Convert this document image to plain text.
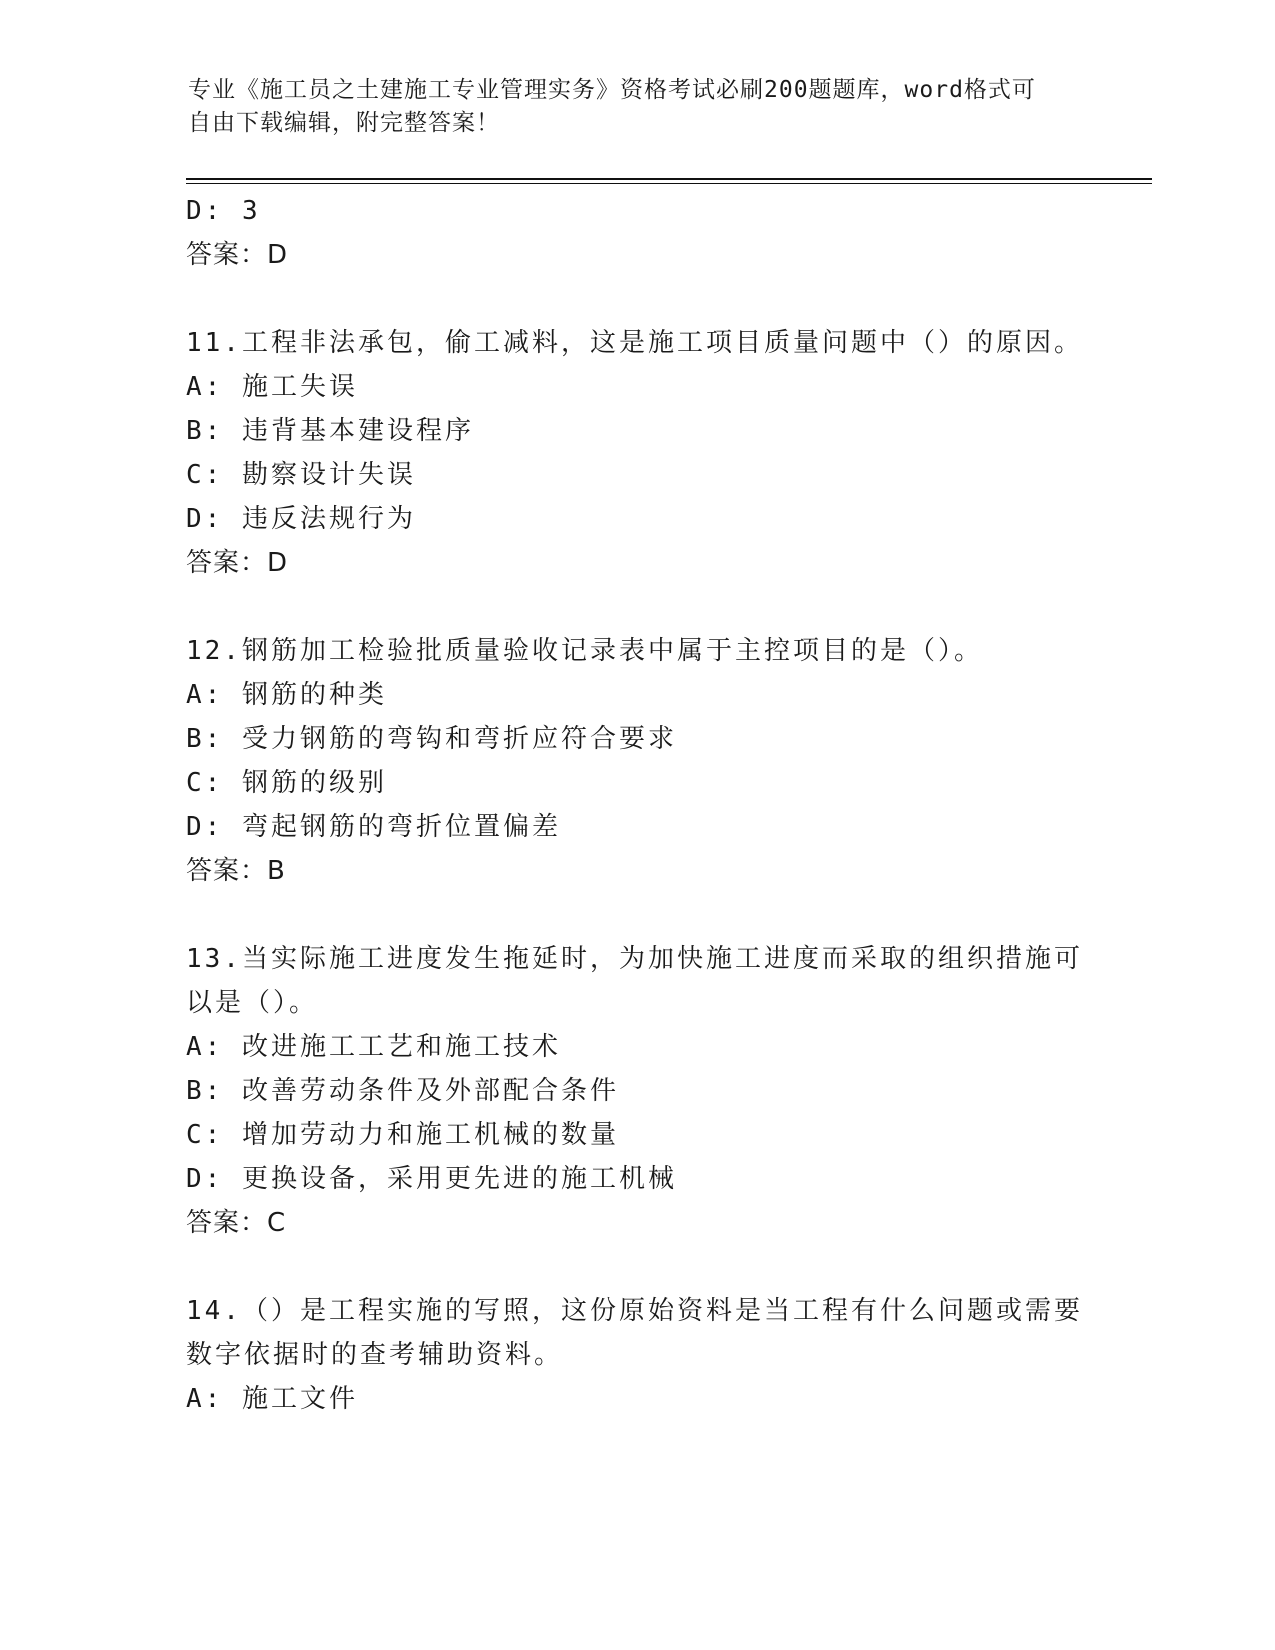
专业《施工员之土建施工专业管理实务》资格考试必刷200题题库，word格式可
自由下载编辑，附完整答案！
D: 3
答案：D
11.工程非法承包，偷工减料，这是施工项目质量问题中（）的原因。
A: 施工失误
B: 违背基本建设程序
C: 勘察设计失误
D: 违反法规行为
答案：D
12.钢筋加工检验批质量验收记录表中属于主控项目的是（）。
A: 钢筋的种类
B: 受力钢筋的弯钩和弯折应符合要求
C: 钢筋的级别
D: 弯起钢筋的弯折位置偏差
答案：B
13.当实际施工进度发生拖延时，为加快施工进度而采取的组织措施可
以是（）。
A: 改进施工工艺和施工技术
B: 改善劳动条件及外部配合条件
C: 增加劳动力和施工机械的数量
D: 更换设备，采用更先进的施工机械
答案：C
14.（）是工程实施的写照，这份原始资料是当工程有什么问题或需要
数字依据时的查考辅助资料。
A: 施工文件
